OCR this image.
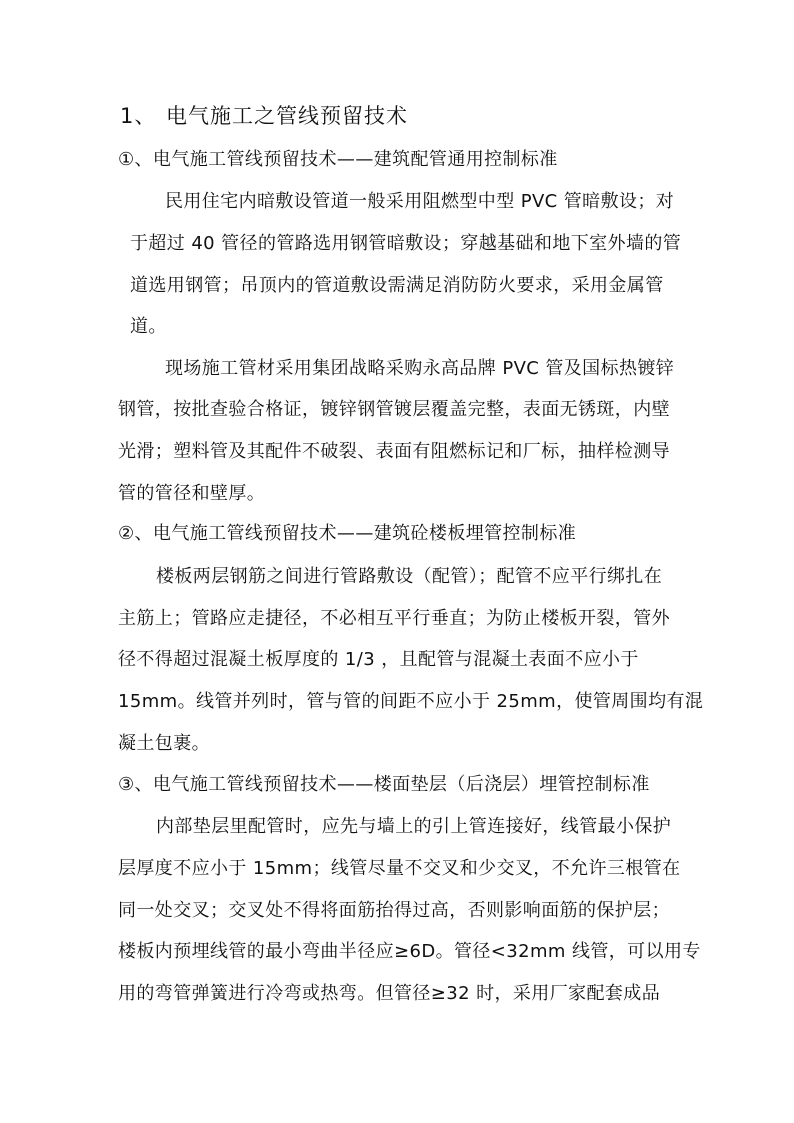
1、 电气施工之管线预留技术
①、电气施工管线预留技术——建筑配管通用控制标准
民用住宅内暗敷设管道一般采用阻燃型中型 PVC 管暗敷设；对
于超过 40 管径的管路选用钢管暗敷设；穿越基础和地下室外墙的管
道选用钢管；吊顶内的管道敷设需满足消防防火要求，采用金属管
道。
现场施工管材采用集团战略采购永高品牌 PVC 管及国标热镀锌
钢管，按批查验合格证，镀锌钢管镀层覆盖完整，表面无锈斑，内壁
光滑；塑料管及其配件不破裂、表面有阻燃标记和厂标，抽样检测导
管的管径和壁厚。
②、电气施工管线预留技术——建筑砼楼板埋管控制标准
楼板两层钢筋之间进行管路敷设（配管）；配管不应平行绑扎在
主筋上；管路应走捷径，不必相互平行垂直；为防止楼板开裂，管外
径不得超过混凝土板厚度的 1/3 ，且配管与混凝土表面不应小于
15mm。线管并列时，管与管的间距不应小于 25mm，使管周围均有混
凝土包裹。
③、电气施工管线预留技术——楼面垫层（后浇层）埋管控制标准
内部垫层里配管时，应先与墙上的引上管连接好，线管最小保护
层厚度不应小于 15mm；线管尽量不交叉和少交叉，不允许三根管在
同一处交叉；交叉处不得将面筋抬得过高，否则影响面筋的保护层；
楼板内预埋线管的最小弯曲半径应≥6D。管径<32mm 线管，可以用专
用的弯管弹簧进行冷弯或热弯。但管径≥32 时，采用厂家配套成品
